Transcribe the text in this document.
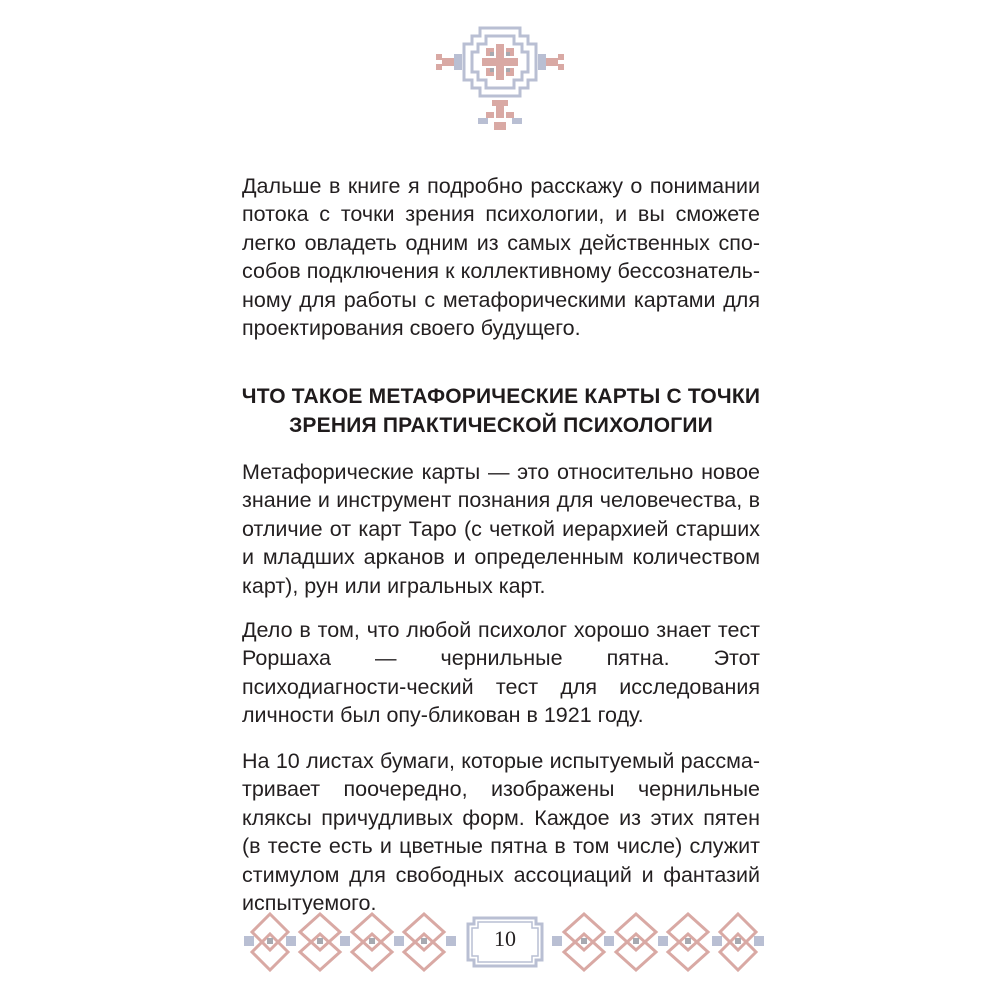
Дальше в книге я подробно расскажу о понимании потока с точки зрения психологии, и вы сможете легко овладеть одним из самых действенных спо-собов подключения к коллективному бессознатель-ному для работы с метафорическими картами для проектирования своего будущего.
ЧТО ТАКОЕ МЕТАФОРИЧЕСКИЕ КАРТЫ С ТОЧКИ
ЗРЕНИЯ ПРАКТИЧЕСКОЙ ПСИХОЛОГИИ
Метафорические карты — это относительно новое знание и инструмент познания для человечества, в отличие от карт Таро (с четкой иерархией старших и младших арканов и определенным количеством карт), рун или игральных карт.
Дело в том, что любой психолог хорошо знает тест Роршаха — чернильные пятна. Этот психодиагности-ческий тест для исследования личности был опу-бликован в 1921 году.
На 10 листах бумаги, которые испытуемый рассма-тривает поочередно, изображены чернильные кляксы причудливых форм. Каждое из этих пятен (в тесте есть и цветные пятна в том числе) служит стимулом для свободных ассоциаций и фантазий испытуемого.
10
